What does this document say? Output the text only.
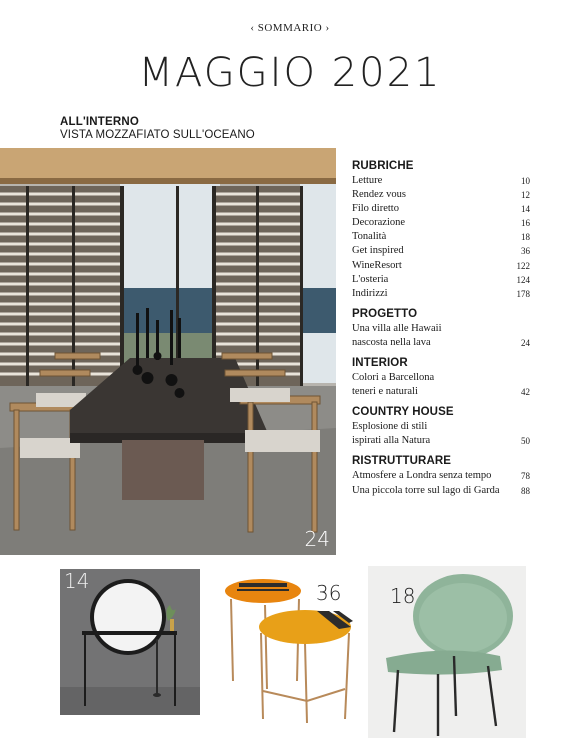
‹ SOMMARIO ›
MAGGIO 2021
ALL'INTERNO
VISTA MOZZAFIATO SULL'OCEANO
24
RUBRICHE
Letture	10
Rendez vous	12
Filo diretto	14
Decorazione	16
Tonalità	18
Get inspired	36
WineResort	122
L'osteria	124
Indirizzi	178
PROGETTO
Una villa alle Hawaii
nascosta nella lava	24
INTERIOR
Colori a Barcellona
teneri e naturali	42
COUNTRY HOUSE
Esplosione di stili
ispirati alla Natura	50
RISTRUTTURARE
Atmosfere a Londra senza tempo	78
Una piccola torre sul lago di Garda 88
14	36 18
